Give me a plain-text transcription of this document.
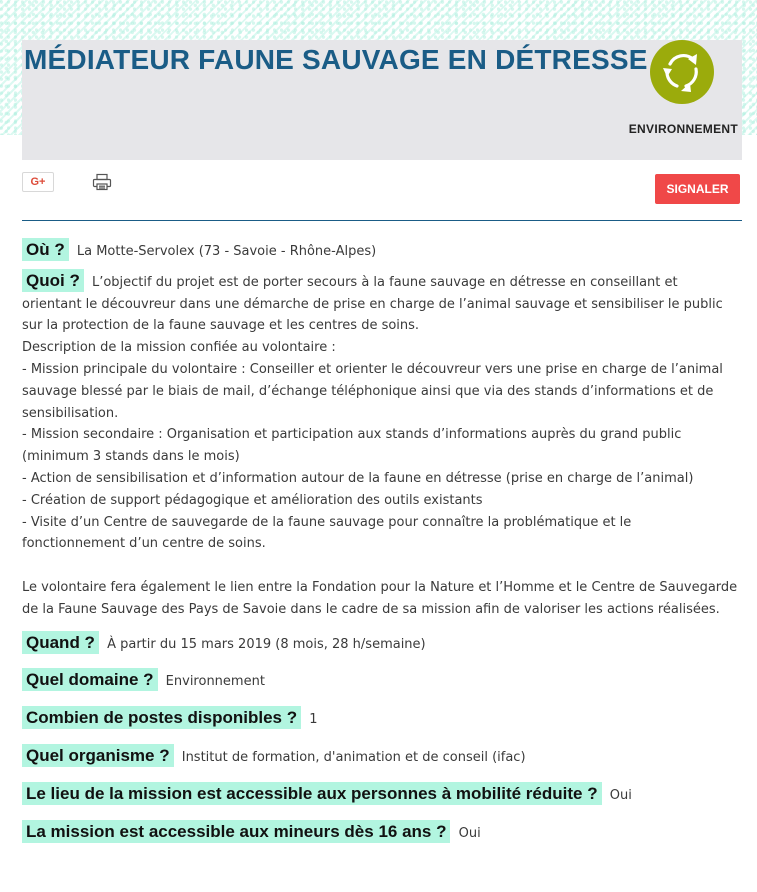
MÉDIATEUR FAUNE SAUVAGE EN DÉTRESSE
ENVIRONNEMENT
G+	SIGNALER
Où ? La Motte-Servolex (73 - Savoie - Rhône-Alpes)
Quoi ? L’objectif du projet est de porter secours à la faune sauvage en détresse en conseillant et orientant le découvreur dans une démarche de prise en charge de l’animal sauvage et sensibiliser le public sur la protection de la faune sauvage et les centres de soins.
Description de la mission confiée au volontaire :
- Mission principale du volontaire : Conseiller et orienter le découvreur vers une prise en charge de l’animal sauvage blessé par le biais de mail, d’échange téléphonique ainsi que via des stands d’informations et de sensibilisation.
- Mission secondaire : Organisation et participation aux stands d’informations auprès du grand public (minimum 3 stands dans le mois)
- Action de sensibilisation et d’information autour de la faune en détresse (prise en charge de l’animal)
- Création de support pédagogique et amélioration des outils existants
- Visite d’un Centre de sauvegarde de la faune sauvage pour connaître la problématique et le fonctionnement d’un centre de soins.

Le volontaire fera également le lien entre la Fondation pour la Nature et l’Homme et le Centre de Sauvegarde de la Faune Sauvage des Pays de Savoie dans le cadre de sa mission afin de valoriser les actions réalisées.
Quand ? À partir du 15 mars 2019 (8 mois, 28 h/semaine)
Quel domaine ? Environnement
Combien de postes disponibles ? 1
Quel organisme ? Institut de formation, d'animation et de conseil (ifac)
Le lieu de la mission est accessible aux personnes à mobilité réduite ? Oui
La mission est accessible aux mineurs dès 16 ans ? Oui
